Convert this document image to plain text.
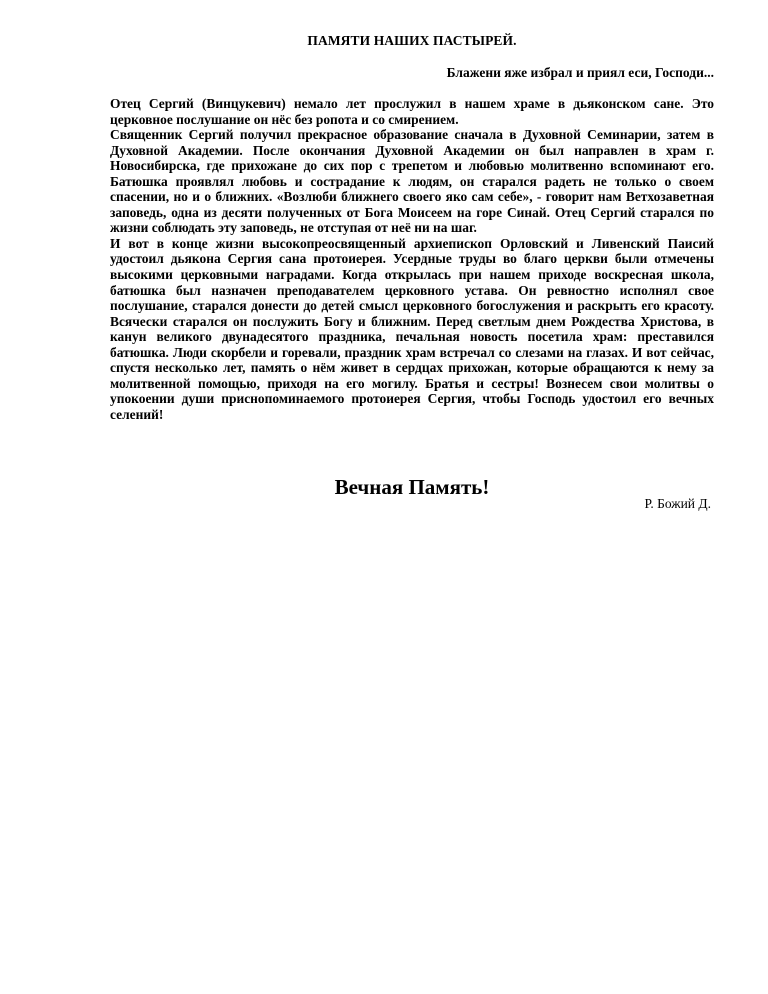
ПАМЯТИ НАШИХ ПАСТЫРЕЙ.
Блажени яже избрал и приял еси, Господи...

Отец Сергий (Винцукевич) немало лет прослужил в нашем храме в дьяконском сане. Это церковное послушание он нёс без ропота и со смирением.

Священник Сергий получил прекрасное образование сначала в Духовной Семинарии, затем в Духовной Академии. После окончания Духовной Академии он был направлен в храм г. Новосибирска, где прихожане до сих пор с трепетом и любовью молитвенно вспоминают его. Батюшка проявлял любовь и сострадание к людям, он старался радеть не только о своем спасении, но и о ближних. «Возлюби ближнего своего яко сам себе», - говорит нам Ветхозаветная заповедь, одна из десяти полученных от Бога Моисеем на горе Синай. Отец Сергий старался по жизни соблюдать эту заповедь, не отступая от неё ни на шаг.

И вот в конце жизни высокопреосвященный архиепископ Орловский и Ливенский Паисий удостоил дьякона Сергия сана протоиерея. Усердные труды во благо церкви были отмечены высокими церковными наградами. Когда открылась при нашем приходе воскресная школа, батюшка был назначен преподавателем церковного устава. Он ревностно исполнял свое послушание, старался донести до детей смысл церковного богослужения и раскрыть его красоту. Всячески старался он послужить Богу и ближним. Перед светлым днем Рождества Христова, в канун великого двунадесятого праздника, печальная новость посетила храм: преставился батюшка. Люди скорбели и горевали, праздник храм встречал со слезами на глазах. И вот сейчас, спустя несколько лет, память о нём живет в сердцах прихожан, которые обращаются к нему за молитвенной помощью, приходя на его могилу. Братья и сестры! Вознесем свои молитвы о упокоении души приснопоминаемого протоиерея Сергия, чтобы Господь удостоил его вечных селений!

Вечная Память!
Р. Божий Д.
